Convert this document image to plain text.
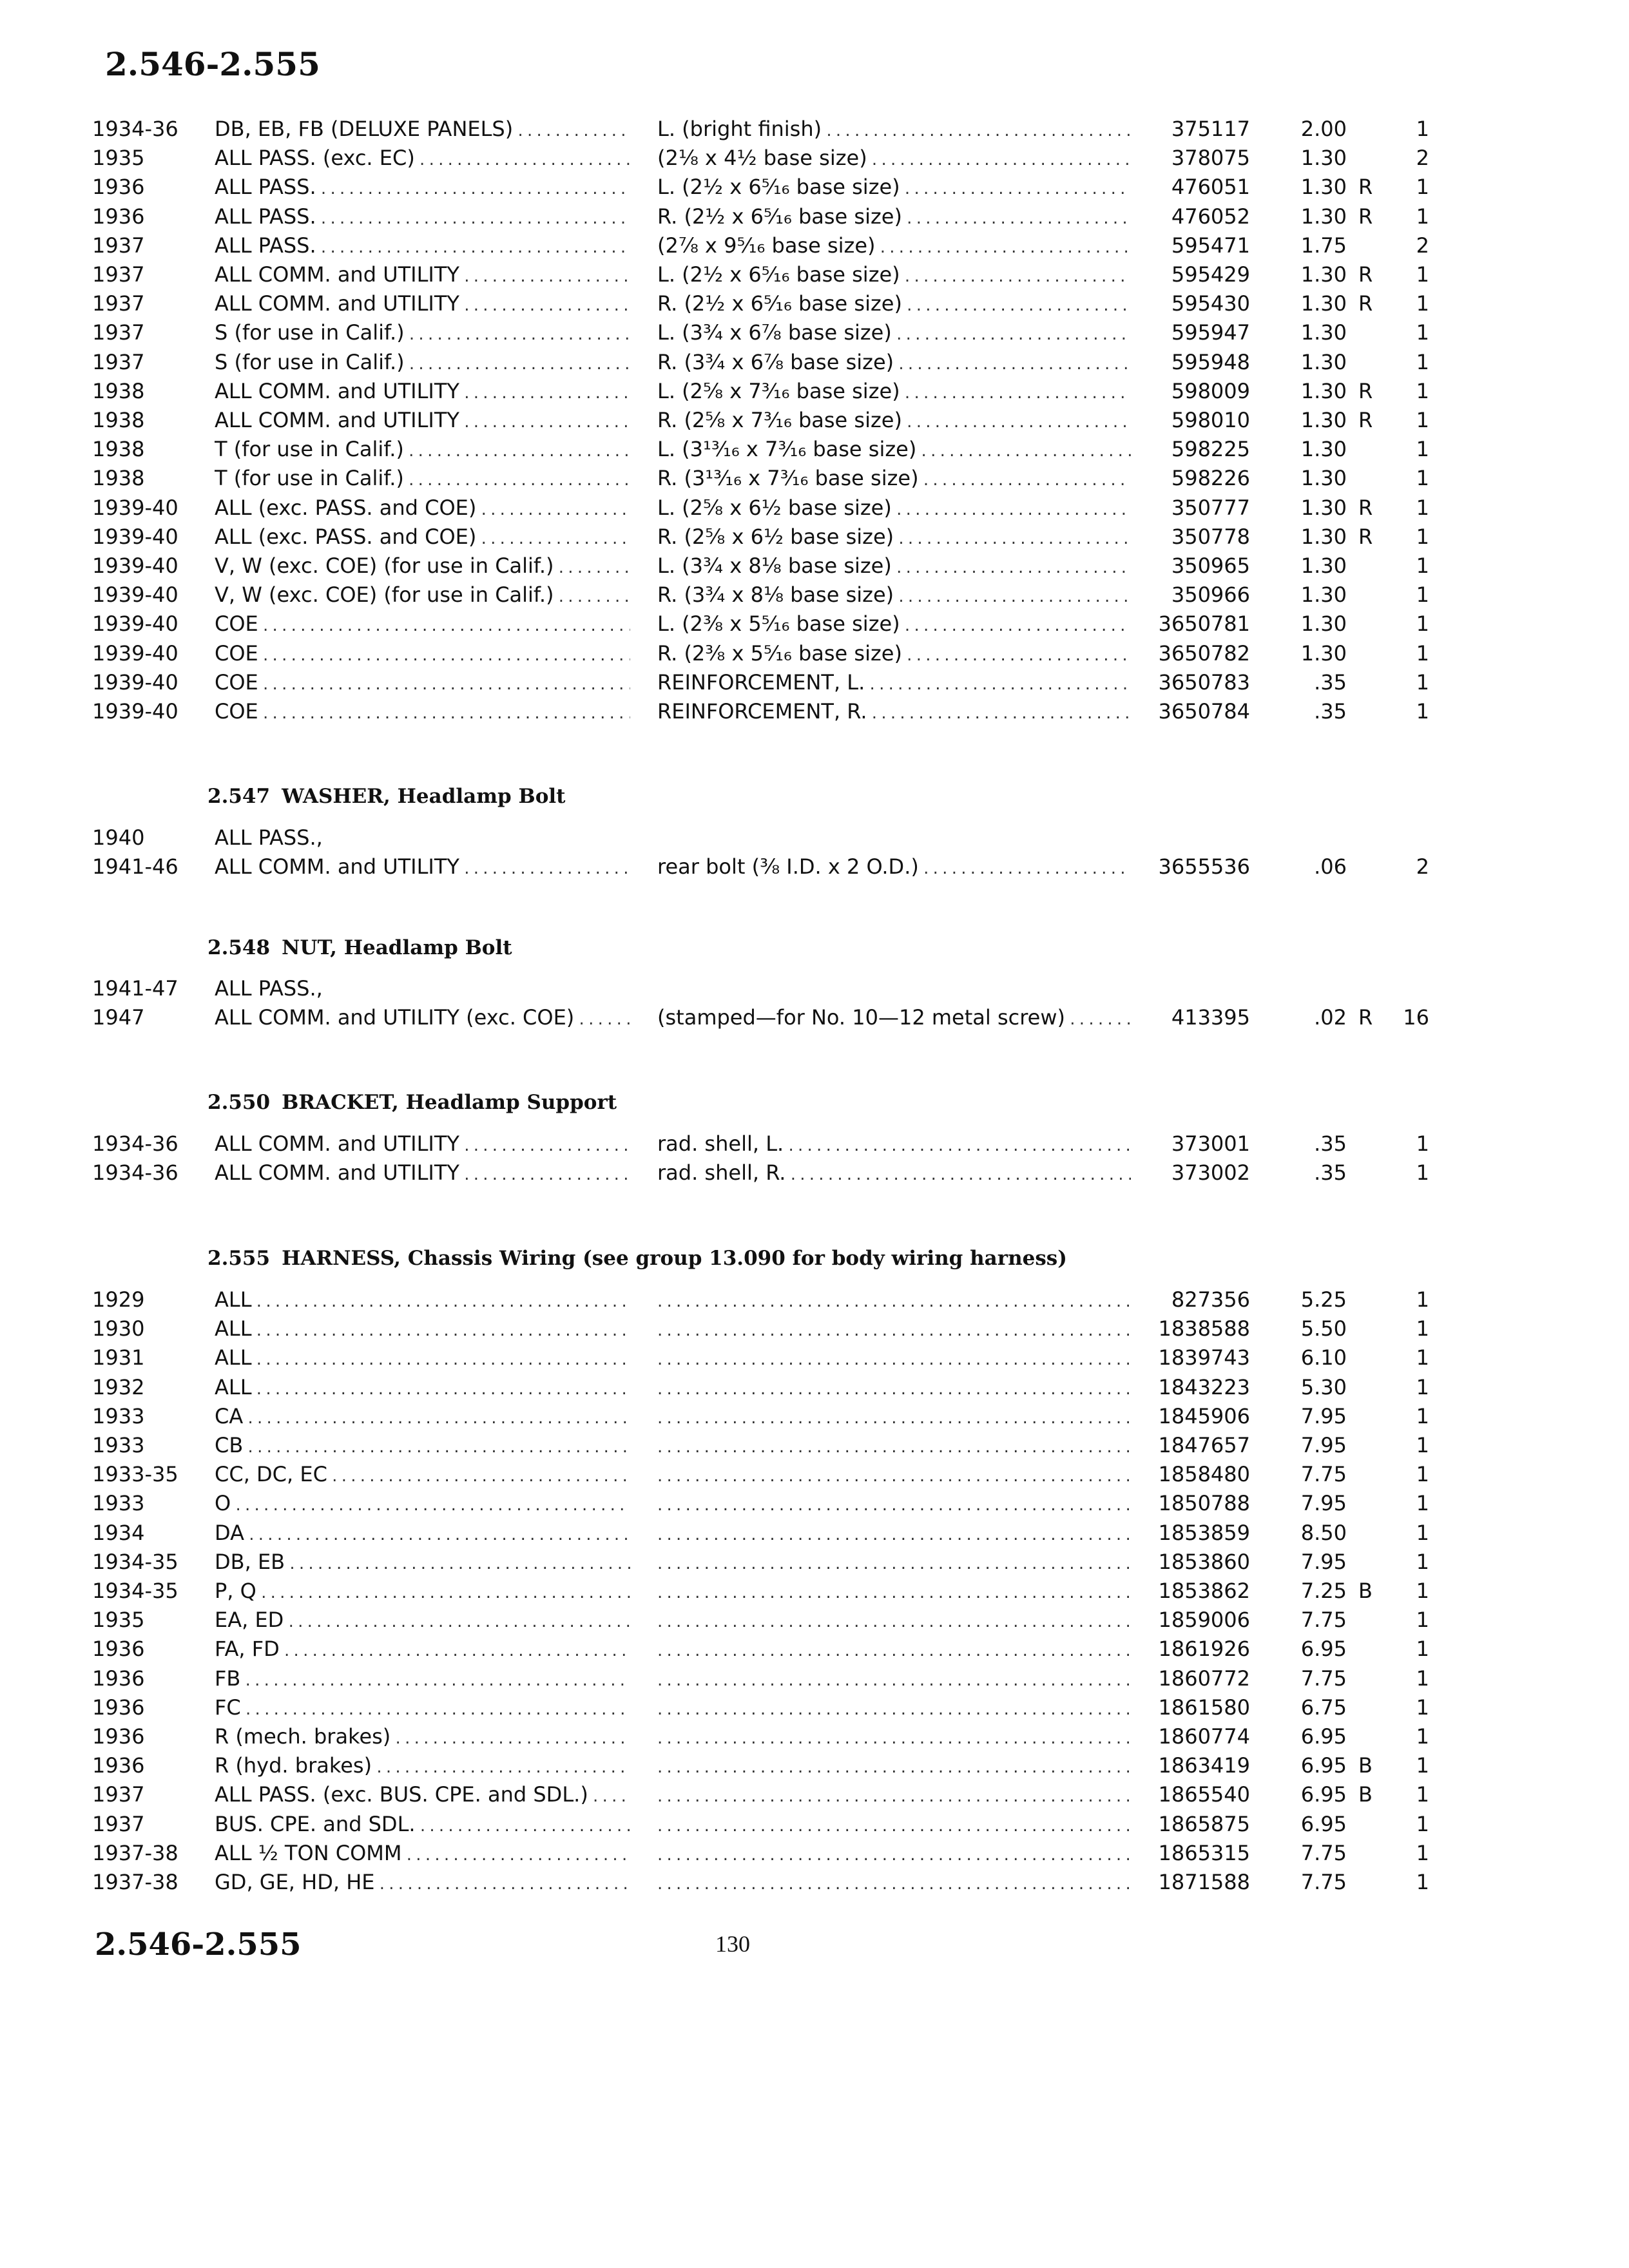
2.546-2.555
1934-36	DB, EB, FB (DELUXE PANELS) . . .	L. (bright finish) . . .	375117	2.00	1
1935	ALL PASS. (exc. EC) . . .	(2⅛ x 4½ base size) . . .	378075	1.30	2
1936	ALL PASS. . . .	L. (2½ x 6⁵⁄₁₆ base size) . . .	476051	1.30 R	1
1936	ALL PASS. . . .	R. (2½ x 6⁵⁄₁₆ base size) . . .	476052	1.30 R	1
1937	ALL PASS. . . .	(2⅞ x 9⁵⁄₁₆ base size) . . .	595471	1.75	2
1937	ALL COMM. and UTILITY . . .	L. (2½ x 6⁵⁄₁₆ base size) . . .	595429	1.30 R	1
1937	ALL COMM. and UTILITY . . .	R. (2½ x 6⁵⁄₁₆ base size) . . .	595430	1.30 R	1
1937	S (for use in Calif.) . . .	L. (3¾ x 6⅞ base size) . . .	595947	1.30	1
1937	S (for use in Calif.) . . .	R. (3¾ x 6⅞ base size) . . .	595948	1.30	1
1938	ALL COMM. and UTILITY . . .	L. (2⅝ x 7³⁄₁₆ base size) . . .	598009	1.30 R	1
1938	ALL COMM. and UTILITY . . .	R. (2⅝ x 7³⁄₁₆ base size) . . .	598010	1.30 R	1
1938	T (for use in Calif.) . . .	L. (3¹³⁄₁₆ x 7³⁄₁₆ base size) . . .	598225	1.30	1
1938	T (for use in Calif.) . . .	R. (3¹³⁄₁₆ x 7³⁄₁₆ base size) . . .	598226	1.30	1
1939-40	ALL (exc. PASS. and COE) . . .	L. (2⅝ x 6½ base size) . . .	350777	1.30 R	1
1939-40	ALL (exc. PASS. and COE) . . .	R. (2⅝ x 6½ base size) . . .	350778	1.30 R	1
1939-40	V, W (exc. COE) (for use in Calif.) . . .	L. (3¾ x 8⅛ base size) . . .	350965	1.30	1
1939-40	V, W (exc. COE) (for use in Calif.) . . .	R. (3¾ x 8⅛ base size) . . .	350966	1.30	1
1939-40	COE . . .	L. (2⅜ x 5⁵⁄₁₆ base size) . . .	3650781	1.30	1
1939-40	COE . . .	R. (2⅜ x 5⁵⁄₁₆ base size) . . .	3650782	1.30	1
1939-40	COE . . .	REINFORCEMENT, L. . . .	3650783	.35	1
1939-40	COE . . .	REINFORCEMENT, R. . . .	3650784	.35	1
2.547 WASHER, Headlamp Bolt
1940	ALL PASS.,
1941-46	ALL COMM. and UTILITY . . .	rear bolt (⅜ I.D. x 2 O.D.) . . .	3655536	.06	2
2.548 NUT, Headlamp Bolt
1941-47	ALL PASS.,
1947	ALL COMM. and UTILITY (exc. COE) . . .	(stamped—for No. 10—12 metal screw) . . .	413395	.02 R	16
2.550 BRACKET, Headlamp Support
1934-36	ALL COMM. and UTILITY . . .	rad. shell, L. . . .	373001	.35	1
1934-36	ALL COMM. and UTILITY . . .	rad. shell, R. . . .	373002	.35	1
2.555 HARNESS, Chassis Wiring (see group 13.090 for body wiring harness)
1929	ALL . . . . . .	827356	5.25	1
1930	ALL . . . . . .	1838588	5.50	1
1931	ALL . . . . . .	1839743	6.10	1
1932	ALL . . . . . .	1843223	5.30	1
1933	CA . . . . . .	1845906	7.95	1
1933	CB . . . . . .	1847657	7.95	1
1933-35	CC, DC, EC . . . . . .	1858480	7.75	1
1933	O . . . . . .	1850788	7.95	1
1934	DA . . . . . .	1853859	8.50	1
1934-35	DB, EB . . . . . .	1853860	7.95	1
1934-35	P, Q . . . . . .	1853862	7.25 B	1
1935	EA, ED . . . . . .	1859006	7.75	1
1936	FA, FD . . . . . .	1861926	6.95	1
1936	FB . . . . . .	1860772	7.75	1
1936	FC . . . . . .	1861580	6.75	1
1936	R (mech. brakes) . . . . . .	1860774	6.95	1
1936	R (hyd. brakes) . . . . . .	1863419	6.95 B	1
1937	ALL PASS. (exc. BUS. CPE. and SDL.) . . . . . .	1865540	6.95 B	1
1937	BUS. CPE. and SDL. . . . . . .	1865875	6.95	1
1937-38	ALL ½ TON COMM . . . . . .	1865315	7.75	1
1937-38	GD, GE, HD, HE . . . . . .	1871588	7.75	1
2.546-2.555	130
